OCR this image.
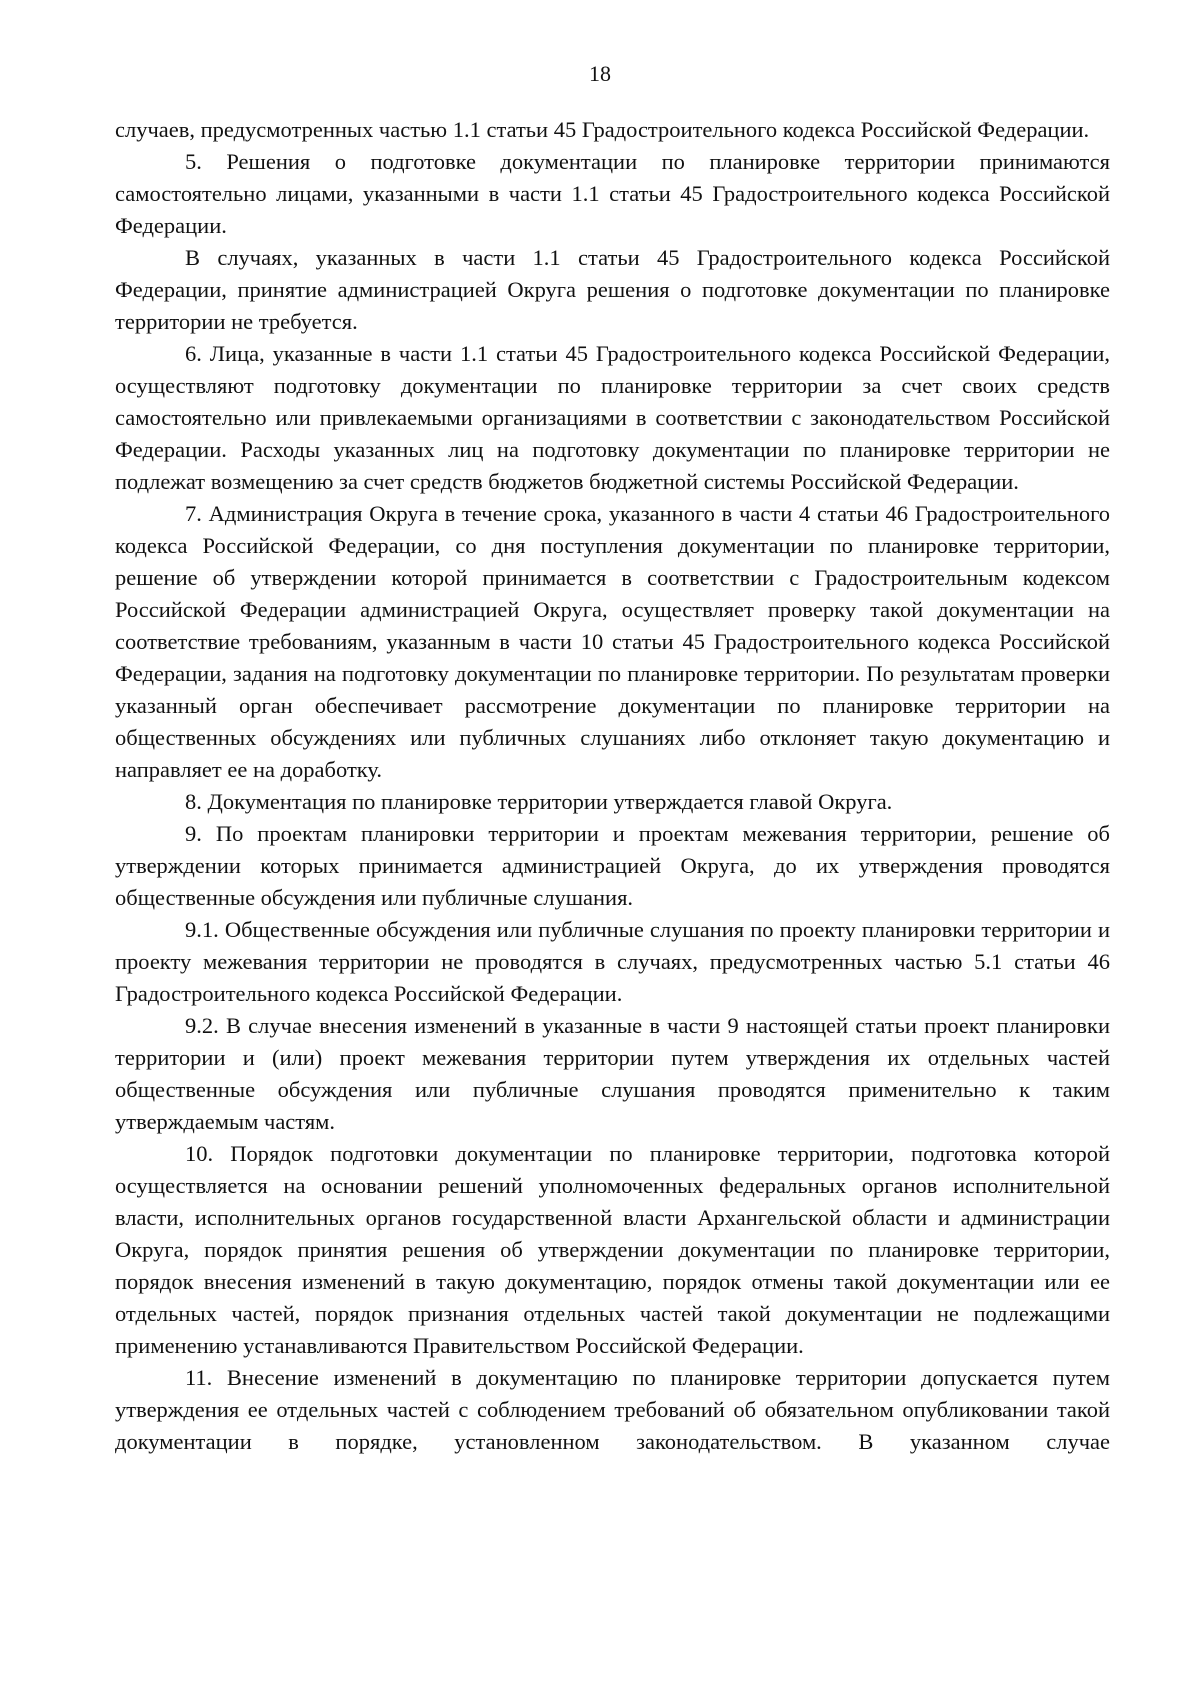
18

случаев, предусмотренных частью 1.1 статьи 45 Градостроительного кодекса Российской Федерации.

5. Решения о подготовке документации по планировке территории принимаются самостоятельно лицами, указанными в части 1.1 статьи 45 Градостроительного кодекса Российской Федерации.

В случаях, указанных в части 1.1 статьи 45 Градостроительного кодекса Российской Федерации, принятие администрацией Округа решения о подготовке документации по планировке территории не требуется.

6. Лица, указанные в части 1.1 статьи 45 Градостроительного кодекса Российской Федерации, осуществляют подготовку документации по планировке территории за счет своих средств самостоятельно или привлекаемыми организациями в соответствии с законодательством Российской Федерации. Расходы указанных лиц на подготовку документации по планировке территории не подлежат возмещению за счет средств бюджетов бюджетной системы Российской Федерации.

7. Администрация Округа в течение срока, указанного в части 4 статьи 46 Градостроительного кодекса Российской Федерации, со дня поступления документации по планировке территории, решение об утверждении которой принимается в соответствии с Градостроительным кодексом Российской Федерации администрацией Округа, осуществляет проверку такой документации на соответствие требованиям, указанным в части 10 статьи 45 Градостроительного кодекса Российской Федерации, задания на подготовку документации по планировке территории. По результатам проверки указанный орган обеспечивает рассмотрение документации по планировке территории на общественных обсуждениях или публичных слушаниях либо отклоняет такую документацию и направляет ее на доработку.

8. Документация по планировке территории утверждается главой Округа.

9. По проектам планировки территории и проектам межевания территории, решение об утверждении которых принимается администрацией Округа, до их утверждения проводятся общественные обсуждения или публичные слушания.

9.1. Общественные обсуждения или публичные слушания по проекту планировки территории и проекту межевания территории не проводятся в случаях, предусмотренных частью 5.1 статьи 46 Градостроительного кодекса Российской Федерации.

9.2. В случае внесения изменений в указанные в части 9 настоящей статьи проект планировки территории и (или) проект межевания территории путем утверждения их отдельных частей общественные обсуждения или публичные слушания проводятся применительно к таким утверждаемым частям.

10. Порядок подготовки документации по планировке территории, подготовка которой осуществляется на основании решений уполномоченных федеральных органов исполнительной власти, исполнительных органов государственной власти Архангельской области и администрации Округа, порядок принятия решения об утверждении документации по планировке территории, порядок внесения изменений в такую документацию, порядок отмены такой документации или ее отдельных частей, порядок признания отдельных частей такой документации не подлежащими применению устанавливаются Правительством Российской Федерации.

11. Внесение изменений в документацию по планировке территории допускается путем утверждения ее отдельных частей с соблюдением требований об обязательном опубликовании такой документации в порядке, установленном законодательством. В указанном случае
